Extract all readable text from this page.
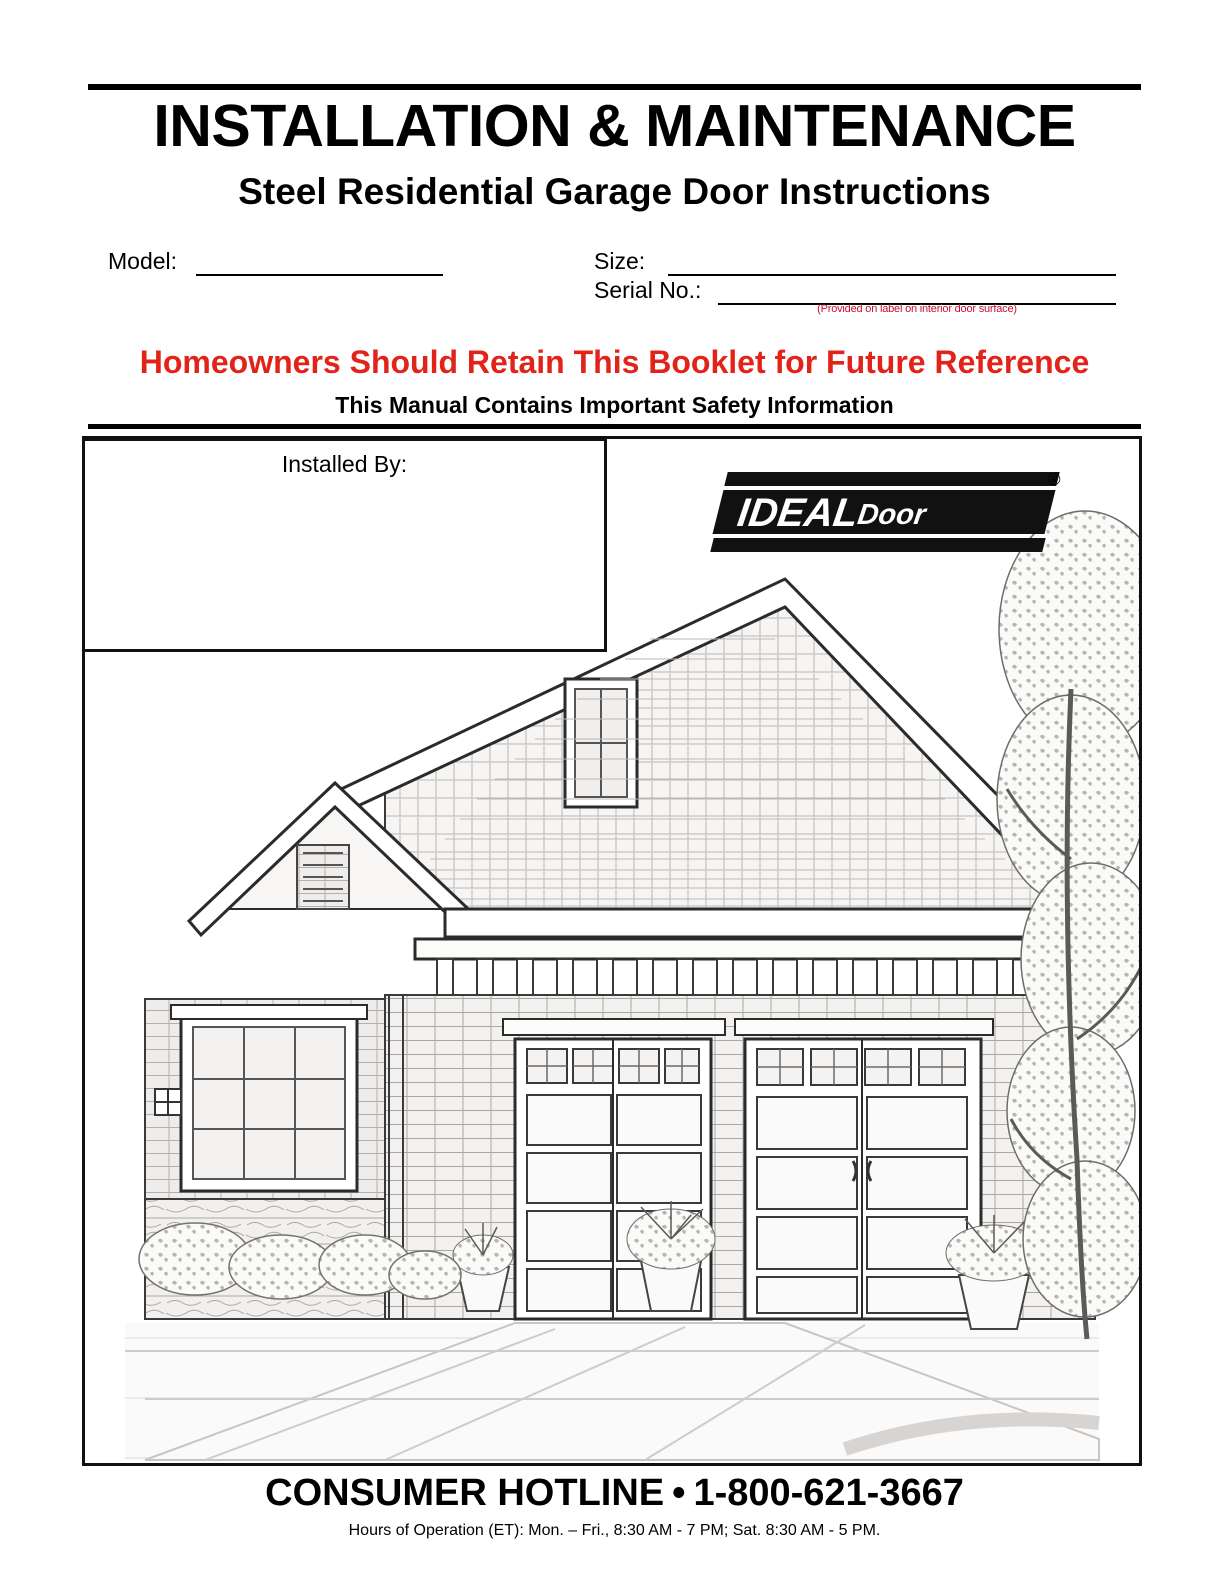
INSTALLATION & MAINTENANCE
Steel Residential Garage Door Instructions
Model:	Size:
Serial No.:
(Provided on label on interior door surface)
Homeowners Should Retain This Booklet for Future Reference
This Manual Contains Important Safety Information
Installed By:
IDEALDoor
®
CONSUMER HOTLINE • 1-800-621-3667
Hours of Operation (ET): Mon. – Fri., 8:30 AM - 7 PM; Sat. 8:30 AM - 5 PM.
